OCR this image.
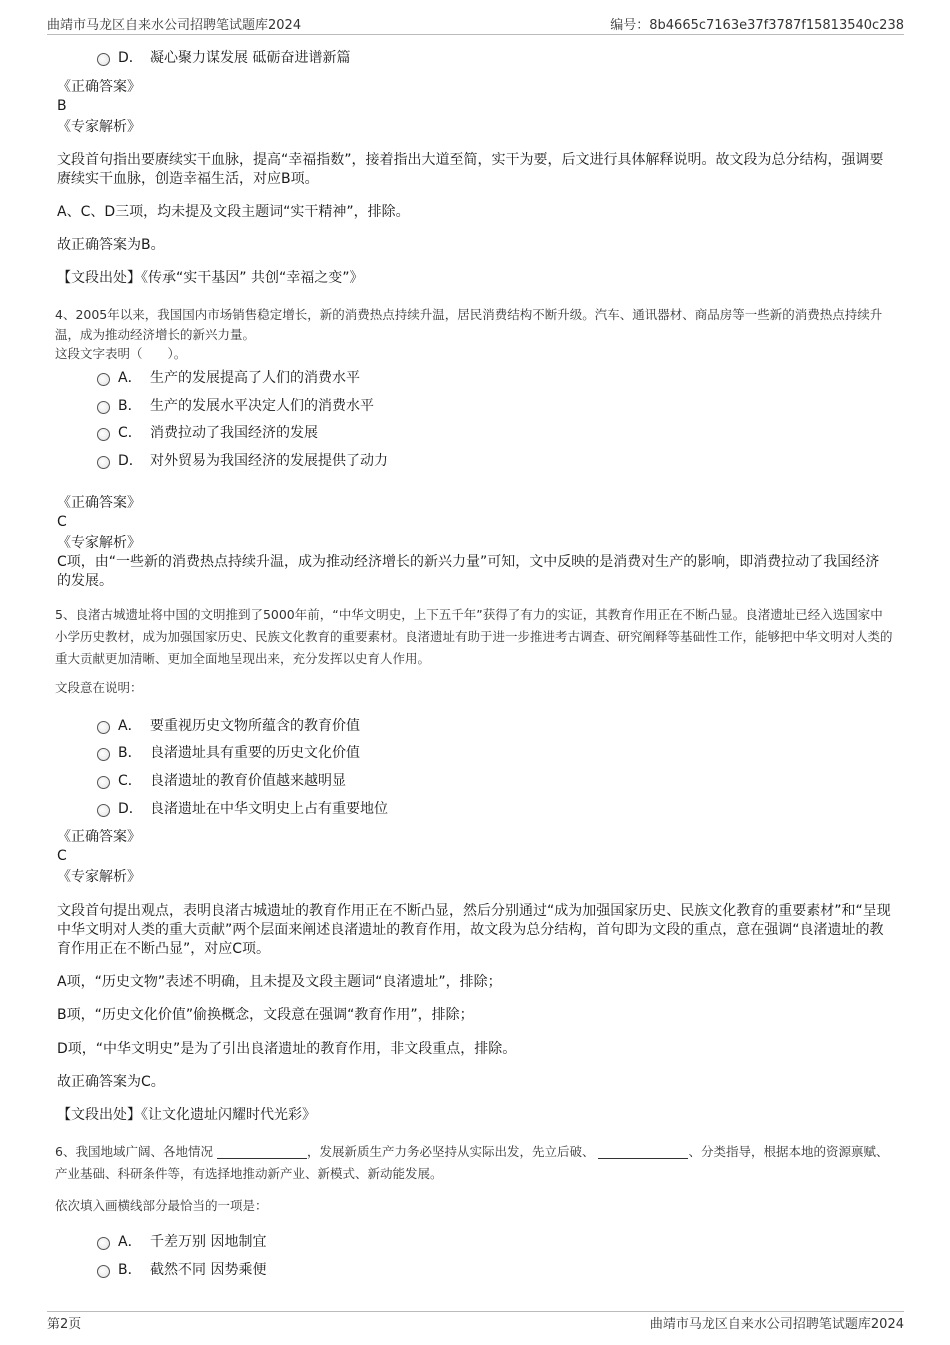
曲靖市马龙区自来水公司招聘笔试题库2024	编号：8b4665c7163e37f3787f15813540c238
D． 凝心聚力谋发展 砥砺奋进谱新篇
《正确答案》
B
《专家解析》
文段首句指出要赓续实干血脉，提高“幸福指数”，接着指出大道至简，实干为要，后文进行具体解释说明。故文段为总分结构，强调要赓续实干血脉，创造幸福生活，对应B项。
A、C、D三项，均未提及文段主题词“实干精神”，排除。
故正确答案为B。
【文段出处】《传承“实干基因” 共创“幸福之变”》
4、2005年以来，我国国内市场销售稳定增长，新的消费热点持续升温，居民消费结构不断升级。汽车、通讯器材、商品房等一些新的消费热点持续升温，成为推动经济增长的新兴力量。
这段文字表明（　　）。
A． 生产的发展提高了人们的消费水平
B． 生产的发展水平决定人们的消费水平
C． 消费拉动了我国经济的发展
D． 对外贸易为我国经济的发展提供了动力
《正确答案》
C
《专家解析》
C项，由“一些新的消费热点持续升温，成为推动经济增长的新兴力量”可知，文中反映的是消费对生产的影响，即消费拉动了我国经济的发展。
5、良渚古城遗址将中国的文明推到了5000年前，“中华文明史，上下五千年”获得了有力的实证，其教育作用正在不断凸显。良渚遗址已经入选国家中小学历史教材，成为加强国家历史、民族文化教育的重要素材。良渚遗址有助于进一步推进考古调查、研究阐释等基础性工作，能够把中华文明对人类的重大贡献更加清晰、更加全面地呈现出来，充分发挥以史育人作用。
文段意在说明：
A． 要重视历史文物所蕴含的教育价值
B． 良渚遗址具有重要的历史文化价值
C． 良渚遗址的教育价值越来越明显
D． 良渚遗址在中华文明史上占有重要地位
《正确答案》
C
《专家解析》
文段首句提出观点，表明良渚古城遗址的教育作用正在不断凸显，然后分别通过“成为加强国家历史、民族文化教育的重要素材”和“呈现中华文明对人类的重大贡献”两个层面来阐述良渚遗址的教育作用，故文段为总分结构，首句即为文段的重点，意在强调“良渚遗址的教育作用正在不断凸显”，对应C项。
A项，“历史文物”表述不明确，且未提及文段主题词“良渚遗址”，排除；
B项，“历史文化价值”偷换概念，文段意在强调“教育作用”，排除；
D项，“中华文明史”是为了引出良渚遗址的教育作用，非文段重点，排除。
故正确答案为C。
【文段出处】《让文化遗址闪耀时代光彩》
6、我国地域广阔、各地情况	，发展新质生产力务必坚持从实际出发，先立后破、	、分类指导，根据本地的资源禀赋、产业基础、科研条件等，有选择地推动新产业、新模式、新动能发展。
依次填入画横线部分最恰当的一项是：
A． 千差万别 因地制宜
B． 截然不同 因势乘便
第2页	曲靖市马龙区自来水公司招聘笔试题库2024
